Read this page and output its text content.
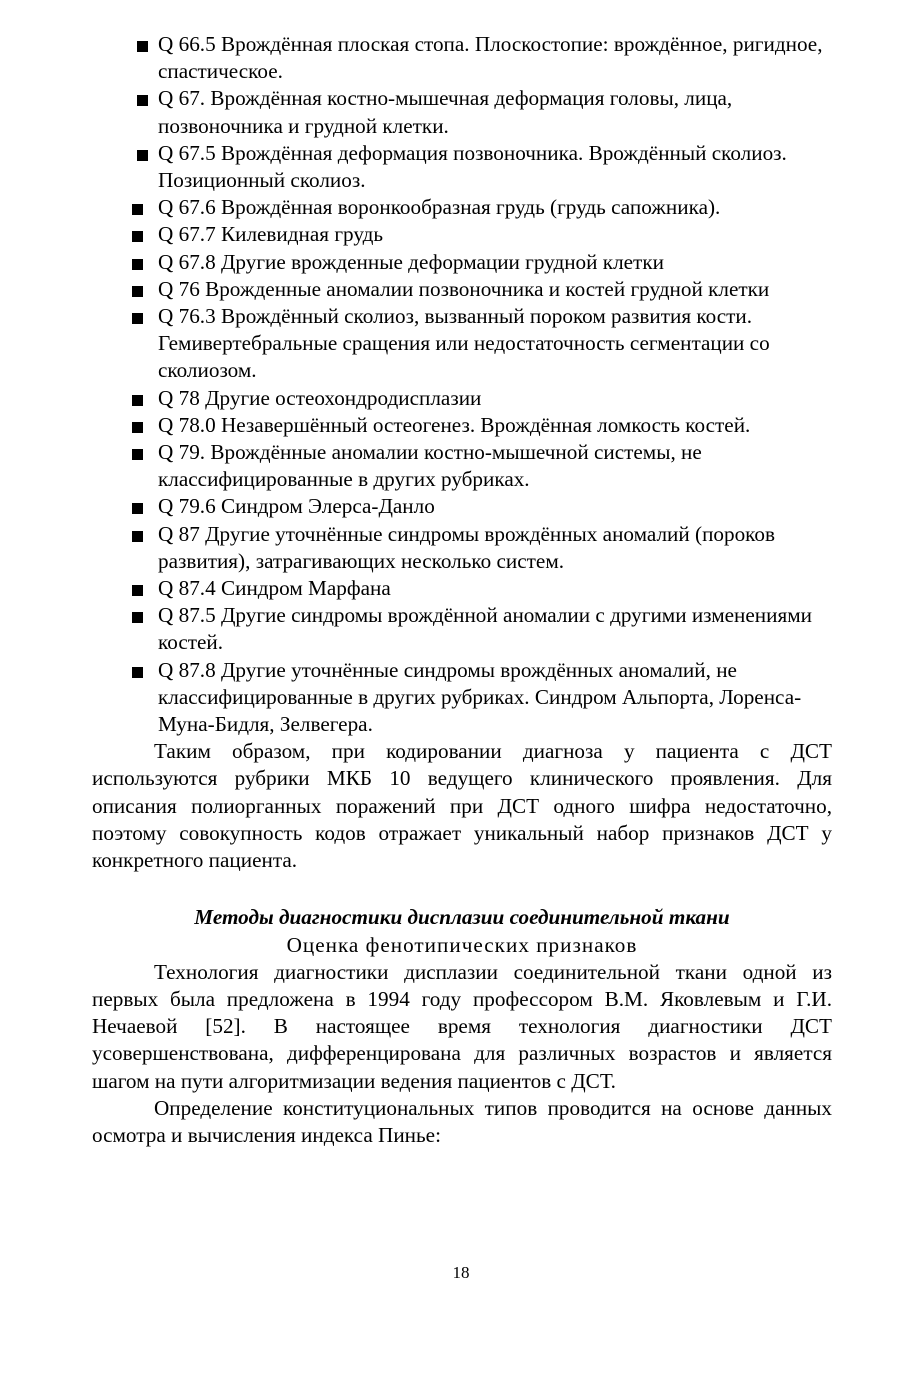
Q 66.5 Врождённая плоская стопа. Плоскостопие: врождённое, ригидное, спастическое.

Q 67. Врождённая костно-мышечная деформация головы, лица, позвоночника и грудной клетки.

Q 67.5 Врождённая деформация позвоночника. Врождённый сколиоз. Позиционный сколиоз.

Q 67.6 Врождённая воронкообразная грудь (грудь сапожника).

Q 67.7 Килевидная грудь

Q 67.8 Другие врожденные деформации грудной клетки

Q 76 Врожденные аномалии позвоночника и костей грудной клетки

Q 76.3 Врождённый сколиоз, вызванный пороком развития кости. Гемивертебральные сращения или недостаточность сегментации со сколиозом.

Q 78 Другие остеохондродисплазии

Q 78.0 Незавершённый остеогенез. Врождённая ломкость костей.

Q 79. Врождённые аномалии костно-мышечной системы, не классифицированные в других рубриках.

Q 79.6 Синдром Элерса-Данло

Q 87 Другие уточнённые синдромы врождённых аномалий (пороков развития), затрагивающих несколько систем.

Q 87.4 Синдром Марфана

Q 87.5 Другие синдромы врождённой аномалии с другими изменениями костей.

Q 87.8 Другие уточнённые синдромы врождённых аномалий, не классифицированные в других рубриках. Синдром Альпорта, Лоренса-Муна-Бидля, Зелвегера.

Таким образом, при кодировании диагноза у пациента с ДСТ используются рубрики МКБ 10 ведущего клинического проявления. Для описания полиорганных поражений при ДСТ одного шифра недостаточно, поэтому совокупность кодов отражает уникальный набор признаков ДСТ у конкретного пациента.

Методы диагностики дисплазии соединительной ткани

Оценка фенотипических признаков

Технология диагностики дисплазии соединительной ткани одной из первых была предложена в 1994 году профессором В.М. Яковлевым и Г.И. Нечаевой [52]. В настоящее время технология диагностики ДСТ усовершенствована, дифференцирована для различных возрастов и является шагом на пути алгоритмизации ведения пациентов с ДСТ.

Определение конституциональных типов проводится на основе данных осмотра и вычисления индекса Пинье:

18
